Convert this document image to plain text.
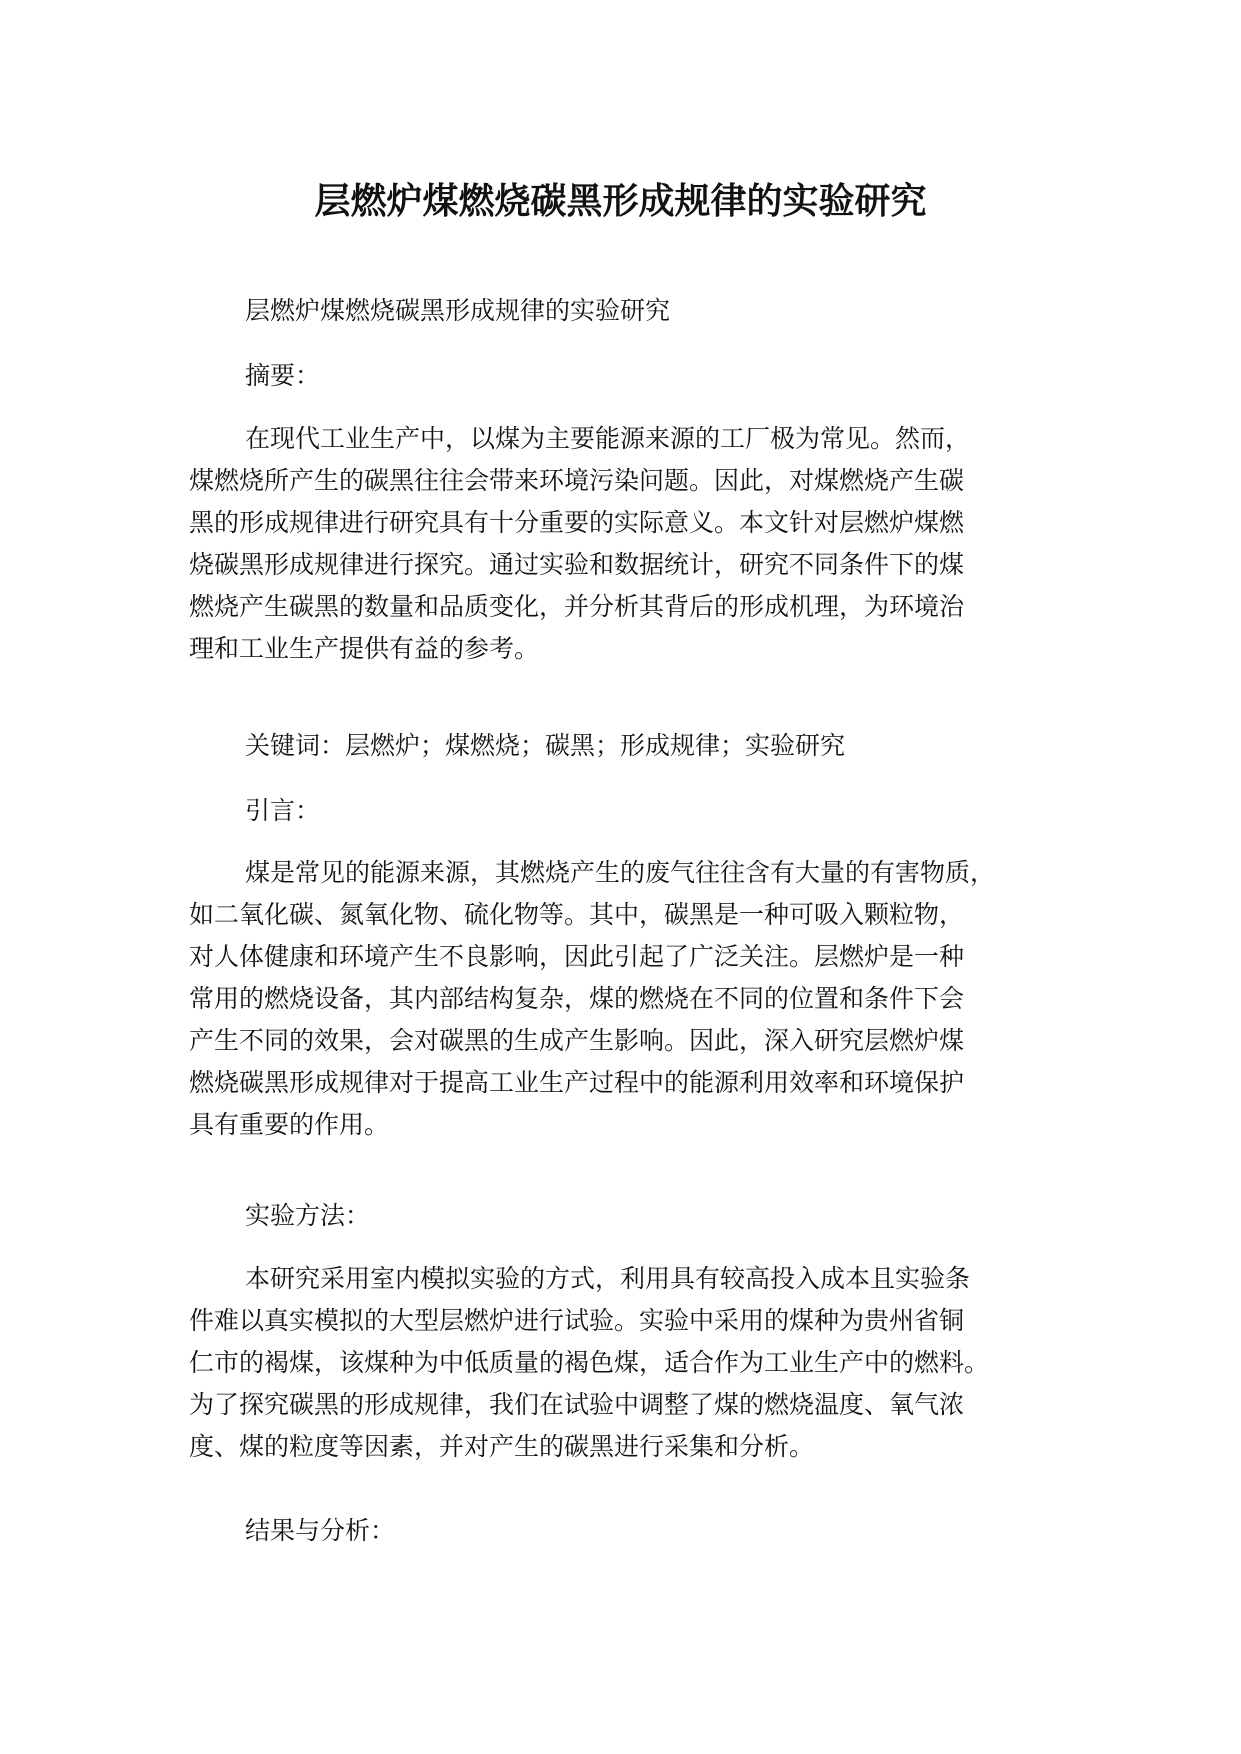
层燃炉煤燃烧碳黑形成规律的实验研究

层燃炉煤燃烧碳黑形成规律的实验研究

摘要：

在现代工业生产中，以煤为主要能源来源的工厂极为常见。然而，
煤燃烧所产生的碳黑往往会带来环境污染问题。因此，对煤燃烧产生碳
黑的形成规律进行研究具有十分重要的实际意义。本文针对层燃炉煤燃
烧碳黑形成规律进行探究。通过实验和数据统计，研究不同条件下的煤
燃烧产生碳黑的数量和品质变化，并分析其背后的形成机理，为环境治
理和工业生产提供有益的参考。

关键词：层燃炉；煤燃烧；碳黑；形成规律；实验研究

引言：

煤是常见的能源来源，其燃烧产生的废气往往含有大量的有害物质，
如二氧化碳、氮氧化物、硫化物等。其中，碳黑是一种可吸入颗粒物，
对人体健康和环境产生不良影响，因此引起了广泛关注。层燃炉是一种
常用的燃烧设备，其内部结构复杂，煤的燃烧在不同的位置和条件下会
产生不同的效果，会对碳黑的生成产生影响。因此，深入研究层燃炉煤
燃烧碳黑形成规律对于提高工业生产过程中的能源利用效率和环境保护
具有重要的作用。

实验方法：

本研究采用室内模拟实验的方式，利用具有较高投入成本且实验条
件难以真实模拟的大型层燃炉进行试验。实验中采用的煤种为贵州省铜
仁市的褐煤，该煤种为中低质量的褐色煤，适合作为工业生产中的燃料。
为了探究碳黑的形成规律，我们在试验中调整了煤的燃烧温度、氧气浓
度、煤的粒度等因素，并对产生的碳黑进行采集和分析。

结果与分析：
